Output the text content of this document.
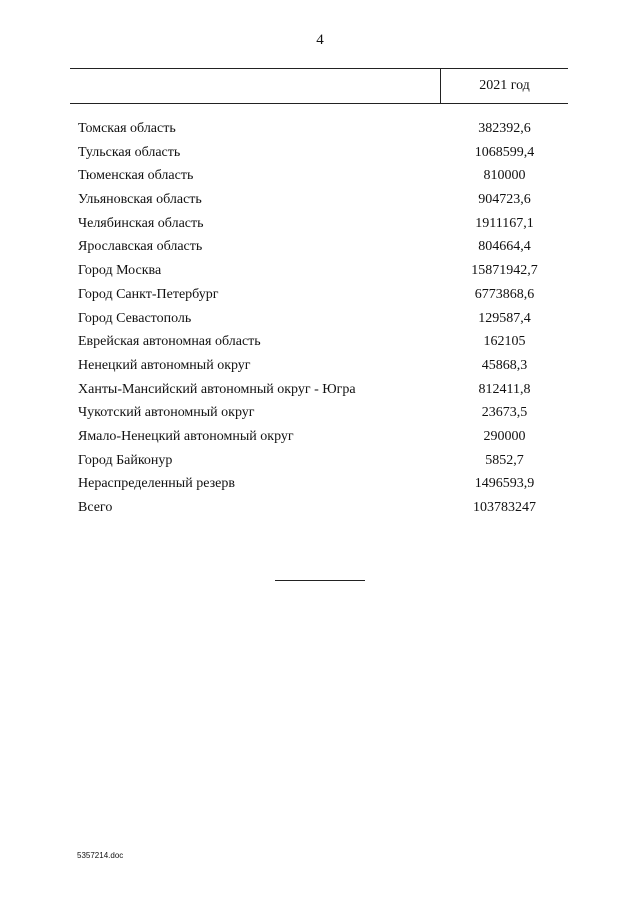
4
2021 год
Томская область	382392,6
Тульская область	1068599,4
Тюменская область	810000
Ульяновская область	904723,6
Челябинская область	1911167,1
Ярославская область	804664,4
Город Москва	15871942,7
Город Санкт-Петербург	6773868,6
Город Севастополь	129587,4
Еврейская автономная область	162105
Ненецкий автономный округ	45868,3
Ханты-Мансийский автономный округ - Югра	812411,8
Чукотский автономный округ	23673,5
Ямало-Ненецкий автономный округ	290000
Город Байконур	5852,7
Нераспределенный резерв	1496593,9
Всего	103783247
5357214.doc
